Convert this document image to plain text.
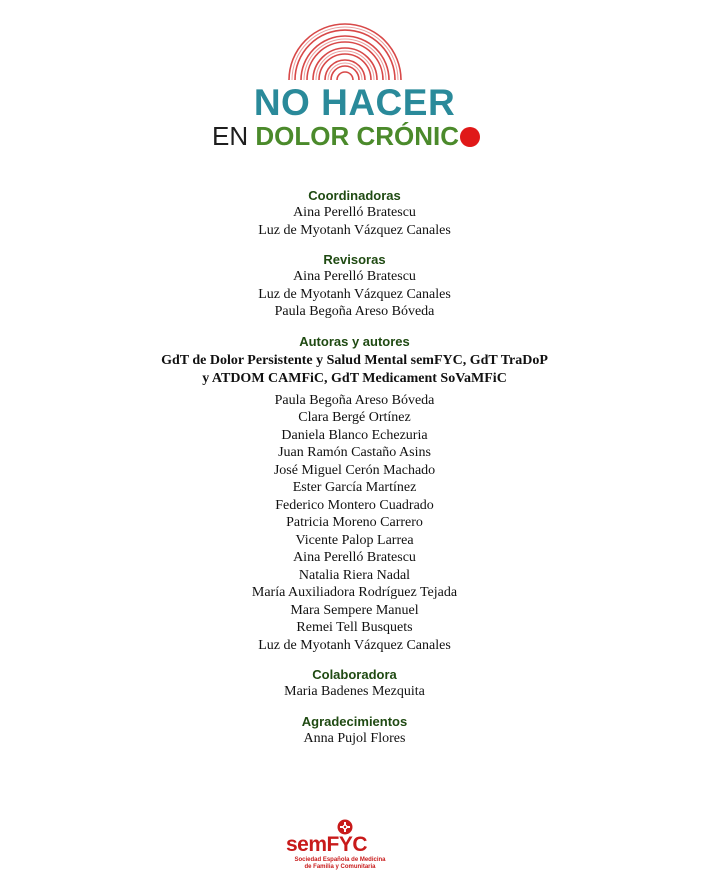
NO HACER
EN DOLOR CRÓNIC

Coordinadoras

Aina Perelló Bratescu

Luz de Myotanh Vázquez Canales

Revisoras

Aina Perelló Bratescu

Luz de Myotanh Vázquez Canales

Paula Begoña Areso Bóveda

Autoras y autores

GdT de Dolor Persistente y Salud Mental semFYC, GdT TraDoP
y ATDOM CAMFiC, GdT Medicament SoVaMFiC

Paula Begoña Areso Bóveda

Clara Bergé Ortínez

Daniela Blanco Echezuria

Juan Ramón Castaño Asins

José Miguel Cerón Machado

Ester García Martínez

Federico Montero Cuadrado

Patricia Moreno Carrero

Vicente Palop Larrea

Aina Perelló Bratescu

Natalia Riera Nadal

María Auxiliadora Rodríguez Tejada

Mara Sempere Manuel

Remei Tell Busquets

Luz de Myotanh Vázquez Canales

Colaboradora

Maria Badenes Mezquita

Agradecimientos

Anna Pujol Flores

semFYC
Sociedad Española de Medicina
de Familia y Comunitaria
